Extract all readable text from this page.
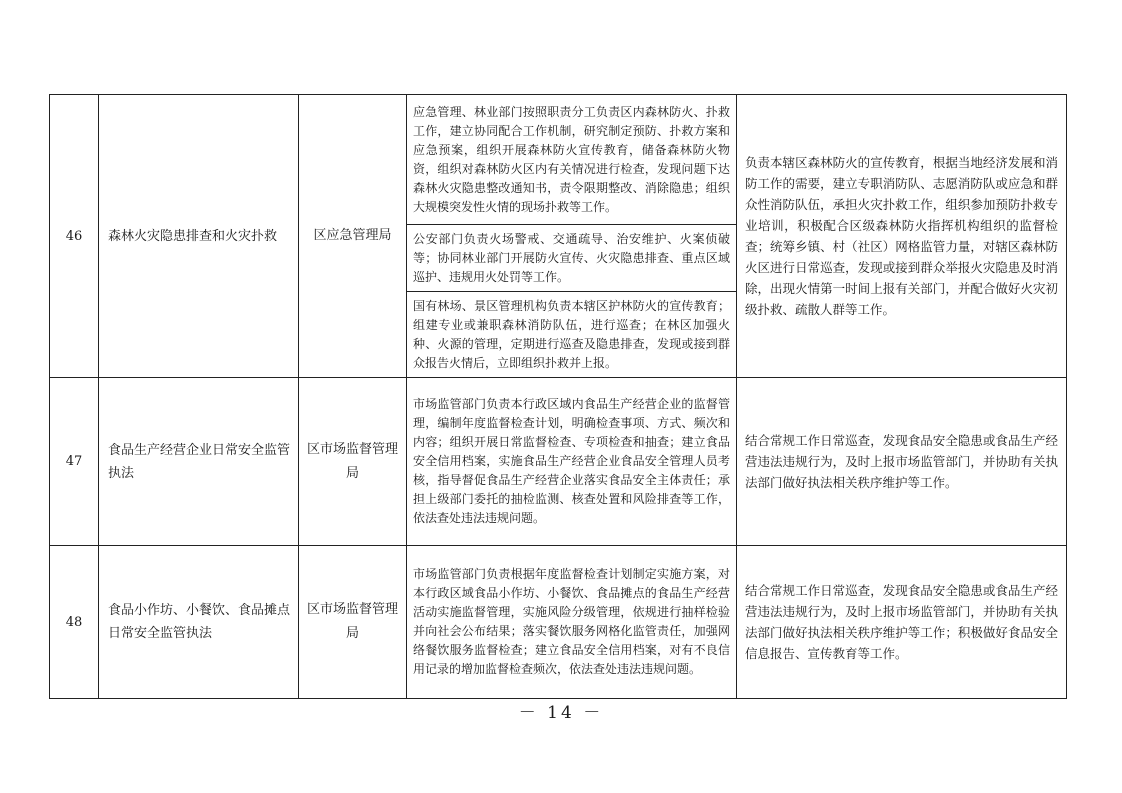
46	森林火灾隐患排查和火灾扑救	区应急管理局	应急管理、林业部门按照职责分工负责区内森林防火、扑救工作，建立协同配合工作机制，研究制定预防、扑救方案和应急预案，组织开展森林防火宣传教育，储备森林防火物资，组织对森林防火区内有关情况进行检查，发现问题下达森林火灾隐患整改通知书，责令限期整改、消除隐患；组织大规模突发性火情的现场扑救等工作。	负责本辖区森林防火的宣传教育，根据当地经济发展和消防工作的需要，建立专职消防队、志愿消防队或应急和群众性消防队伍，承担火灾扑救工作，组织参加预防扑救专业培训，积极配合区级森林防火指挥机构组织的监督检查；统筹乡镇、村（社区）网格监管力量，对辖区森林防火区进行日常巡查，发现或接到群众举报火灾隐患及时消除，出现火情第一时间上报有关部门，并配合做好火灾初级扑救、疏散人群等工作。
			公安部门负责火场警戒、交通疏导、治安维护、火案侦破等；协同林业部门开展防火宣传、火灾隐患排查、重点区域巡护、违规用火处罚等工作。	
			国有林场、景区管理机构负责本辖区护林防火的宣传教育；组建专业或兼职森林消防队伍，进行巡查；在林区加强火种、火源的管理，定期进行巡查及隐患排查，发现或接到群众报告火情后，立即组织扑救并上报。	
47	食品生产经营企业日常安全监管执法	区市场监督管理局	市场监管部门负责本行政区域内食品生产经营企业的监督管理，编制年度监督检查计划，明确检查事项、方式、频次和内容；组织开展日常监督检查、专项检查和抽查；建立食品安全信用档案，实施食品生产经营企业食品安全管理人员考核，指导督促食品生产经营企业落实食品安全主体责任；承担上级部门委托的抽检监测、核查处置和风险排查等工作，依法查处违法违规问题。	结合常规工作日常巡查，发现食品安全隐患或食品生产经营违法违规行为，及时上报市场监管部门，并协助有关执法部门做好执法相关秩序维护等工作。
48	食品小作坊、小餐饮、食品摊点日常安全监管执法	区市场监督管理局	市场监管部门负责根据年度监督检查计划制定实施方案，对本行政区域食品小作坊、小餐饮、食品摊点的食品生产经营活动实施监督管理，实施风险分级管理，依规进行抽样检验并向社会公布结果；落实餐饮服务网格化监管责任，加强网络餐饮服务监督检查；建立食品安全信用档案，对有不良信用记录的增加监督检查频次，依法查处违法违规问题。	结合常规工作日常巡查，发现食品安全隐患或食品生产经营违法违规行为，及时上报市场监管部门，并协助有关执法部门做好执法相关秩序维护等工作；积极做好食品安全信息报告、宣传教育等工作。
－ 14 －
